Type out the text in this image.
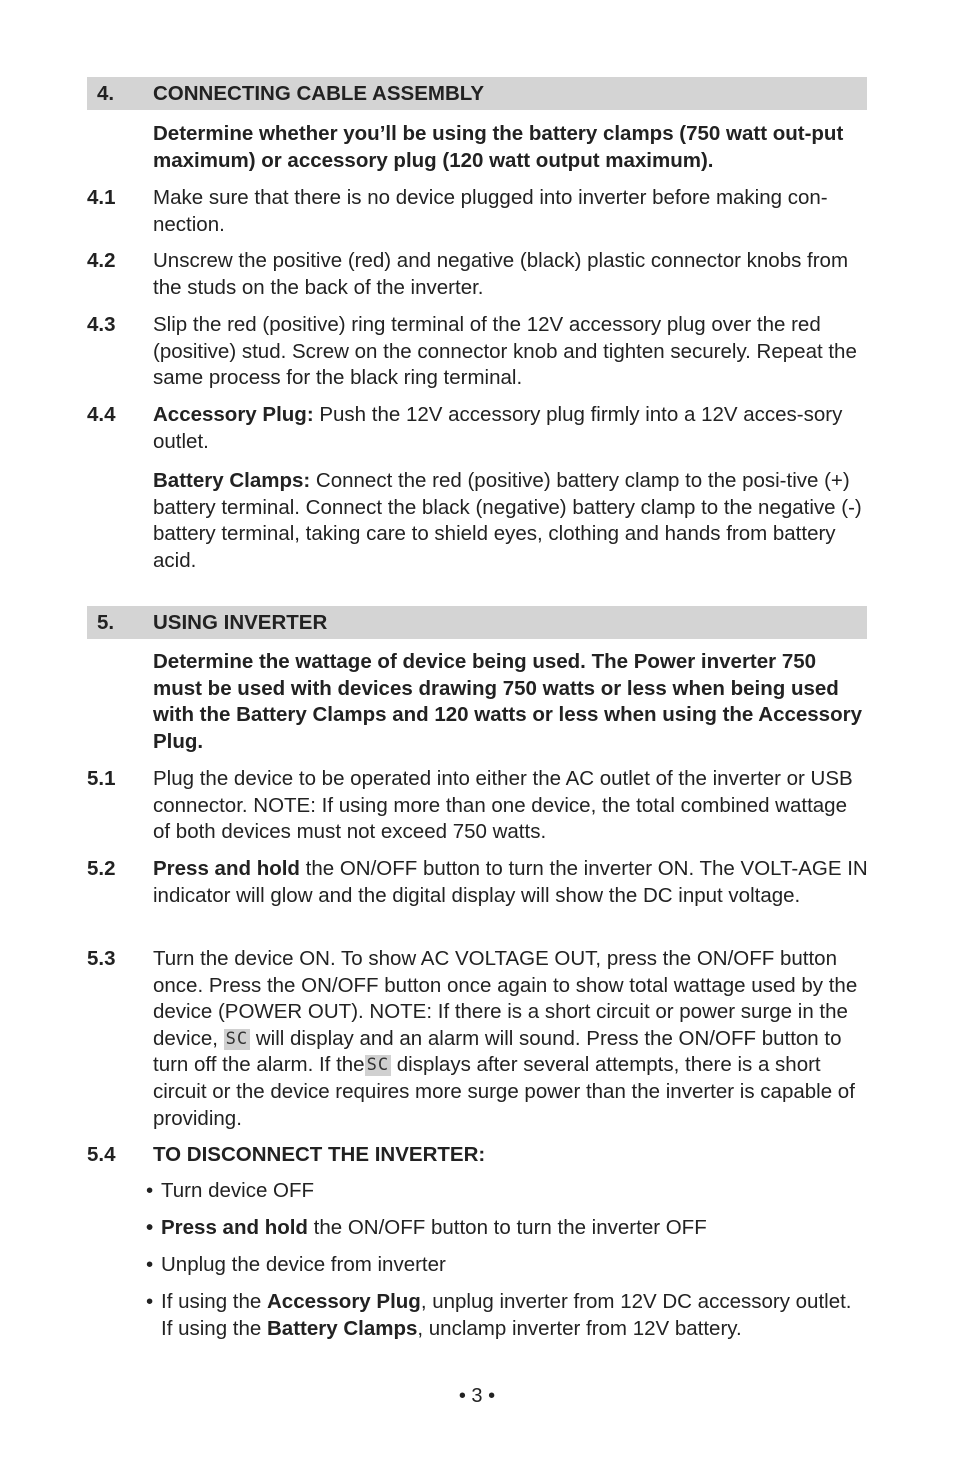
4. CONNECTING CABLE ASSEMBLY
Determine whether you’ll be using the battery clamps (750 watt out-put maximum) or accessory plug (120 watt output maximum).
4.1 Make sure that there is no device plugged into inverter before making con-nection.
4.2 Unscrew the positive (red) and negative (black) plastic connector knobs from the studs on the back of the inverter.
4.3 Slip the red (positive) ring terminal of the 12V accessory plug over the red (positive) stud. Screw on the connector knob and tighten securely. Repeat the same process for the black ring terminal.
4.4 Accessory Plug: Push the 12V accessory plug firmly into a 12V acces-sory outlet.
Battery Clamps: Connect the red (positive) battery clamp to the posi-tive (+) battery terminal. Connect the black (negative) battery clamp to the negative (-) battery terminal, taking care to shield eyes, clothing and hands from battery acid.
5. USING INVERTER
Determine the wattage of device being used. The Power inverter 750 must be used with devices drawing 750 watts or less when being used with the Battery Clamps and 120 watts or less when using the Accessory Plug.
5.1 Plug the device to be operated into either the AC outlet of the inverter or USB connector. NOTE: If using more than one device, the total combined wattage of both devices must not exceed 750 watts.
5.2 Press and hold the ON/OFF button to turn the inverter ON. The VOLT-AGE IN indicator will glow and the digital display will show the DC input voltage.
5.3 Turn the device ON. To show AC VOLTAGE OUT, press the ON/OFF button once. Press the ON/OFF button once again to show total wattage used by the device (POWER OUT). NOTE: If there is a short circuit or power surge in the device, SC will display and an alarm will sound. Press the ON/OFF button to turn off the alarm. If the SC displays after several attempts, there is a short circuit or the device requires more surge power than the inverter is capable of providing.
5.4 TO DISCONNECT THE INVERTER:
• Turn device OFF
• Press and hold the ON/OFF button to turn the inverter OFF
• Unplug the device from inverter
• If using the Accessory Plug, unplug inverter from 12V DC accessory outlet. If using the Battery Clamps, unclamp inverter from 12V battery.
• 3 •
